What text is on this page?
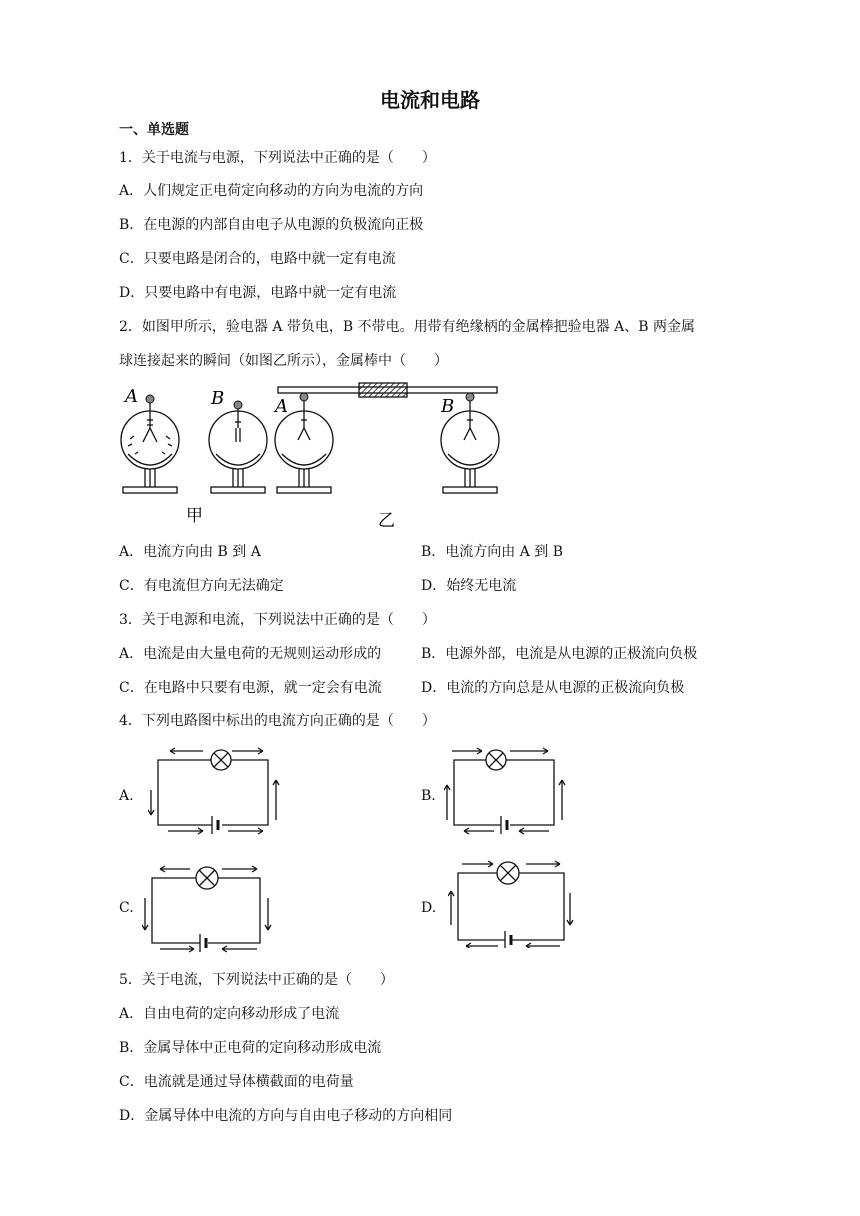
电流和电路
一、单选题
1．关于电流与电源，下列说法中正确的是（　　）
A．人们规定正电荷定向移动的方向为电流的方向
B．在电源的内部自由电子从电源的负极流向正极
C．只要电路是闭合的，电路中就一定有电流
D．只要电路中有电源，电路中就一定有电流
2．如图甲所示，验电器 A 带负电，B 不带电。用带有绝缘柄的金属棒把验电器 A、B 两金属
球连接起来的瞬间（如图乙所示），金属棒中（　　）
A	B	A	B
甲	乙
A．电流方向由 B 到 A	B．电流方向由 A 到 B
C．有电流但方向无法确定	D．始终无电流
3．关于电源和电流，下列说法中正确的是（　　）
A．电流是由大量电荷的无规则运动形成的	B．电源外部，电流是从电源的正极流向负极
C．在电路中只要有电源，就一定会有电流	D．电流的方向总是从电源的正极流向负极
4．下列电路图中标出的电流方向正确的是（　　）
A.	B.
C.	D.
5．关于电流，下列说法中正确的是（　　）
A．自由电荷的定向移动形成了电流
B．金属导体中正电荷的定向移动形成电流
C．电流就是通过导体横截面的电荷量
D．金属导体中电流的方向与自由电子移动的方向相同
